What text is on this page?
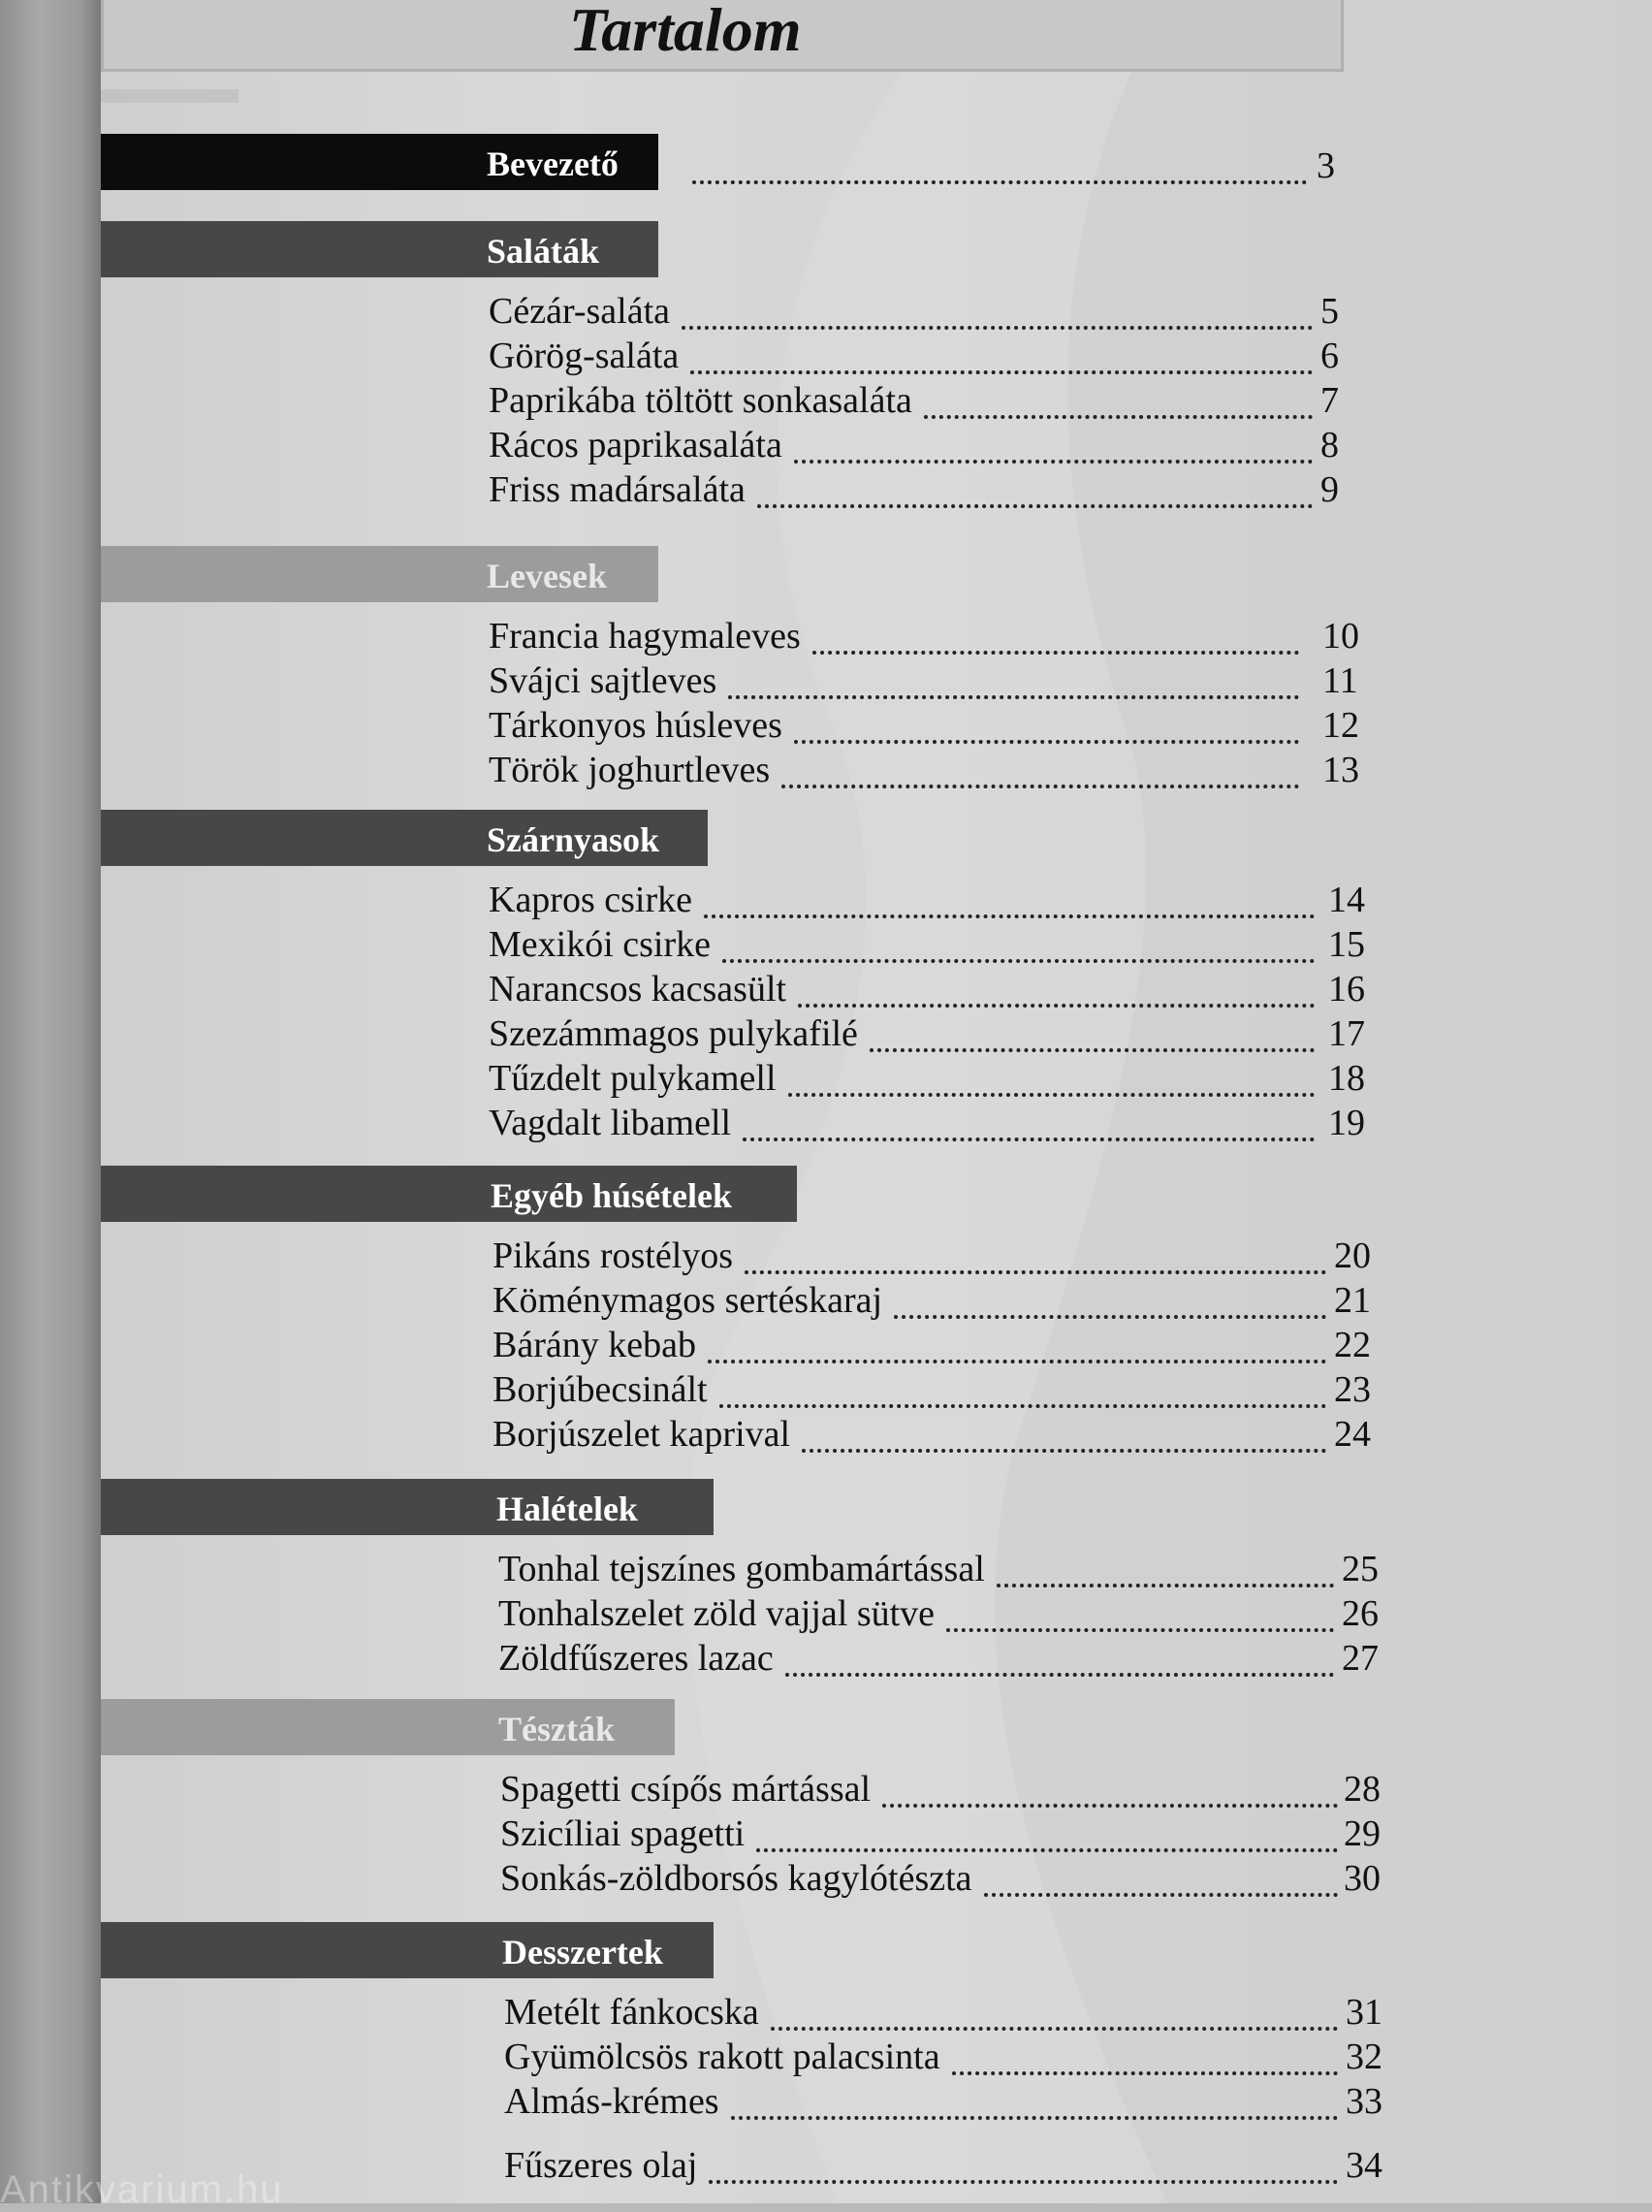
Tartalom
Bevezető	3
Saláták
Cézár-saláta	5
Görög-saláta	6
Paprikába töltött sonkasaláta	7
Rácos paprikasaláta	8
Friss madársaláta	9
Levesek
Francia hagymaleves	10
Svájci sajtleves	11
Tárkonyos húsleves	12
Török joghurtleves	13
Szárnyasok
Kapros csirke	14
Mexikói csirke	15
Narancsos kacsasült	16
Szezámmagos pulykafilé	17
Tűzdelt pulykamell	18
Vagdalt libamell	19
Egyéb húsételek
Pikáns rostélyos	20
Köménymagos sertéskaraj	21
Bárány kebab	22
Borjúbecsinált	23
Borjúszelet kaprival	24
Halételek
Tonhal tejszínes gombamártással	25
Tonhalszelet zöld vajjal sütve	26
Zöldfűszeres lazac	27
Tészták
Spagetti csípős mártással	28
Szicíliai spagetti	29
Sonkás-zöldborsós kagylótészta	30
Desszertek
Metélt fánkocska	31
Gyümölcsös rakott palacsinta	32
Almás-krémes	33
Fűszeres olaj	34
Antikvarium.hu
